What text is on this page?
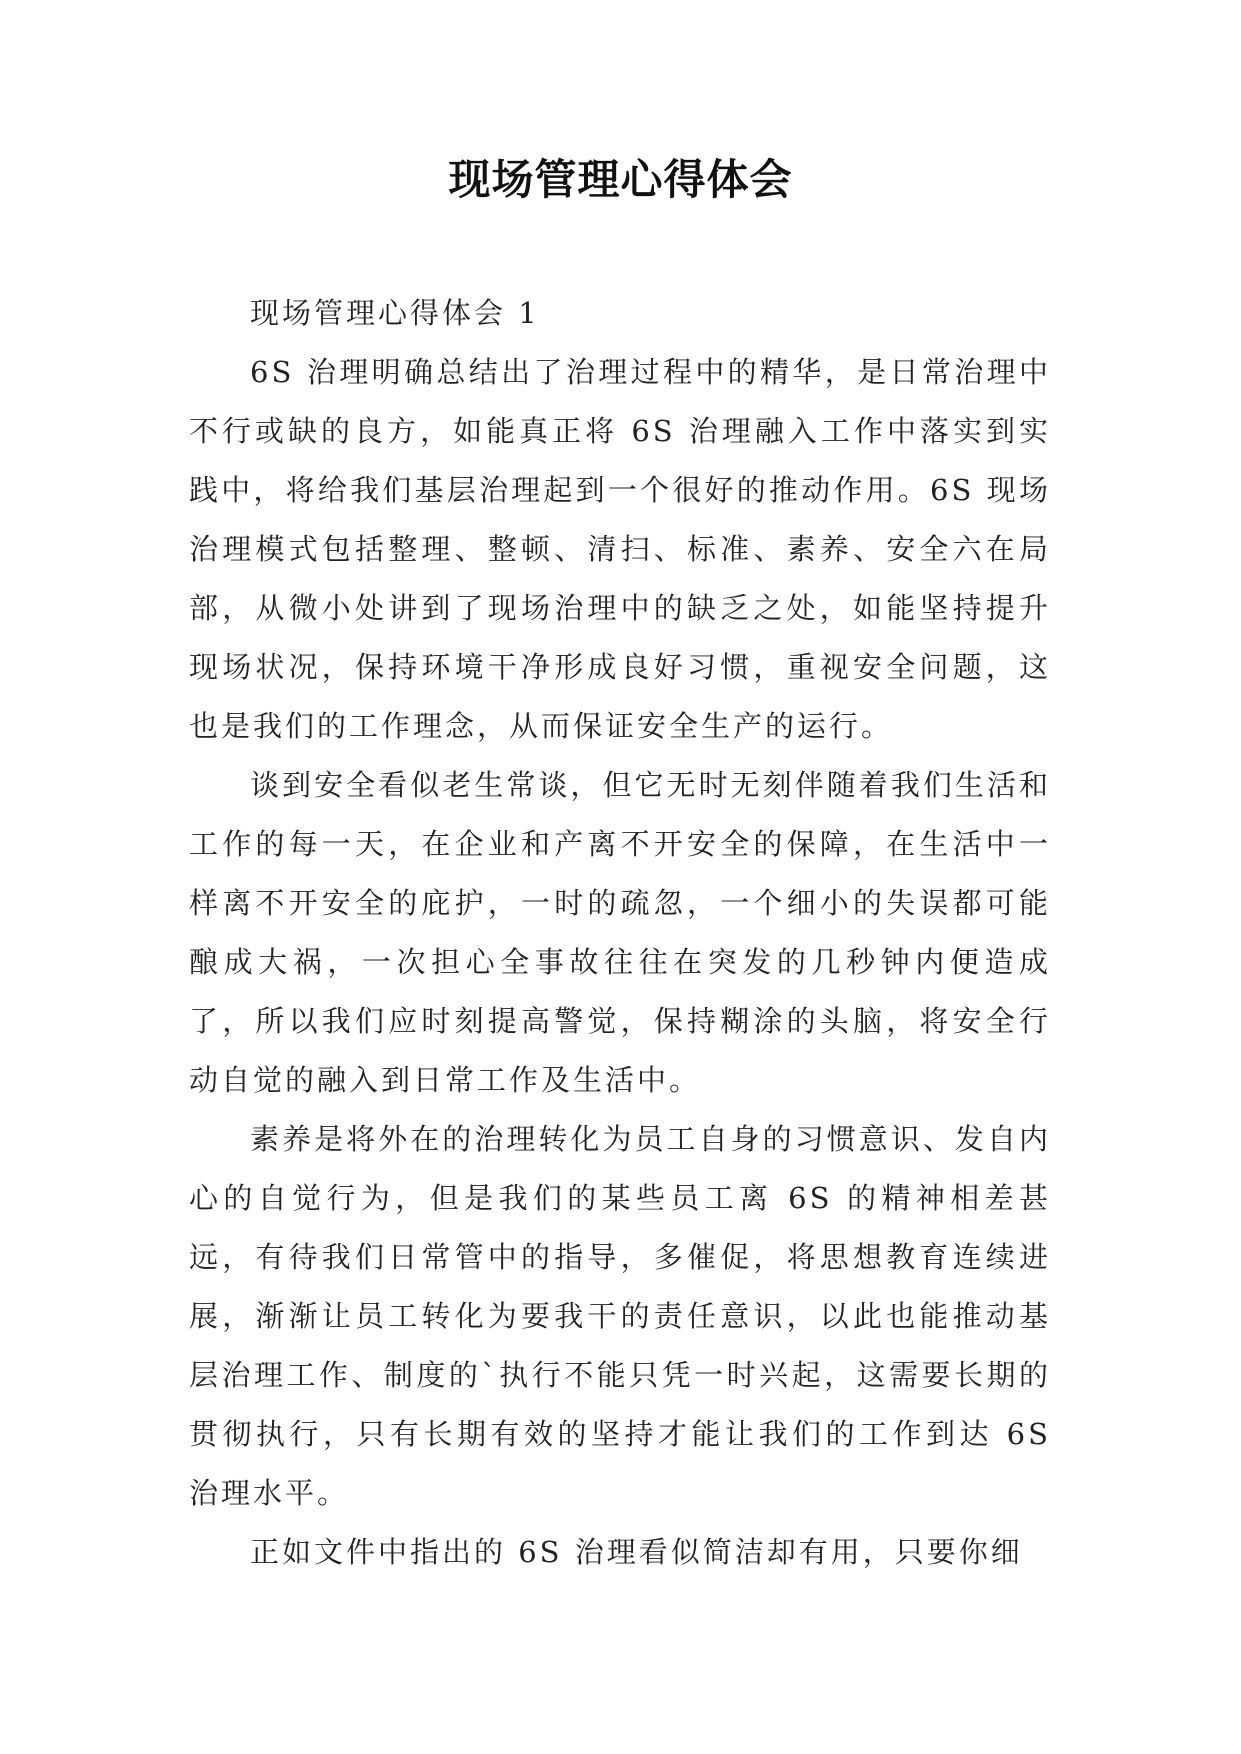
现场管理心得体会

现场管理心得体会 1

6S 治理明确总结出了治理过程中的精华，是日常治理中不行或缺的良方，如能真正将 6S 治理融入工作中落实到实践中，将给我们基层治理起到一个很好的推动作用。6S 现场治理模式包括整理、整顿、清扫、标准、素养、安全六在局部，从微小处讲到了现场治理中的缺乏之处，如能坚持提升现场状况，保持环境干净形成良好习惯，重视安全问题，这也是我们的工作理念，从而保证安全生产的运行。

谈到安全看似老生常谈，但它无时无刻伴随着我们生活和工作的每一天，在企业和产离不开安全的保障，在生活中一样离不开安全的庇护，一时的疏忽，一个细小的失误都可能酿成大祸，一次担心全事故往往在突发的几秒钟内便造成了，所以我们应时刻提高警觉，保持糊涂的头脑，将安全行动自觉的融入到日常工作及生活中。

素养是将外在的治理转化为员工自身的习惯意识、发自内心的自觉行为，但是我们的某些员工离 6S 的精神相差甚远，有待我们日常管中的指导，多催促，将思想教育连续进展，渐渐让员工转化为要我干的责任意识，以此也能推动基层治理工作、制度的`执行不能只凭一时兴起，这需要长期的贯彻执行，只有长期有效的坚持才能让我们的工作到达 6S 治理水平。

正如文件中指出的 6S 治理看似简洁却有用，只要你细
